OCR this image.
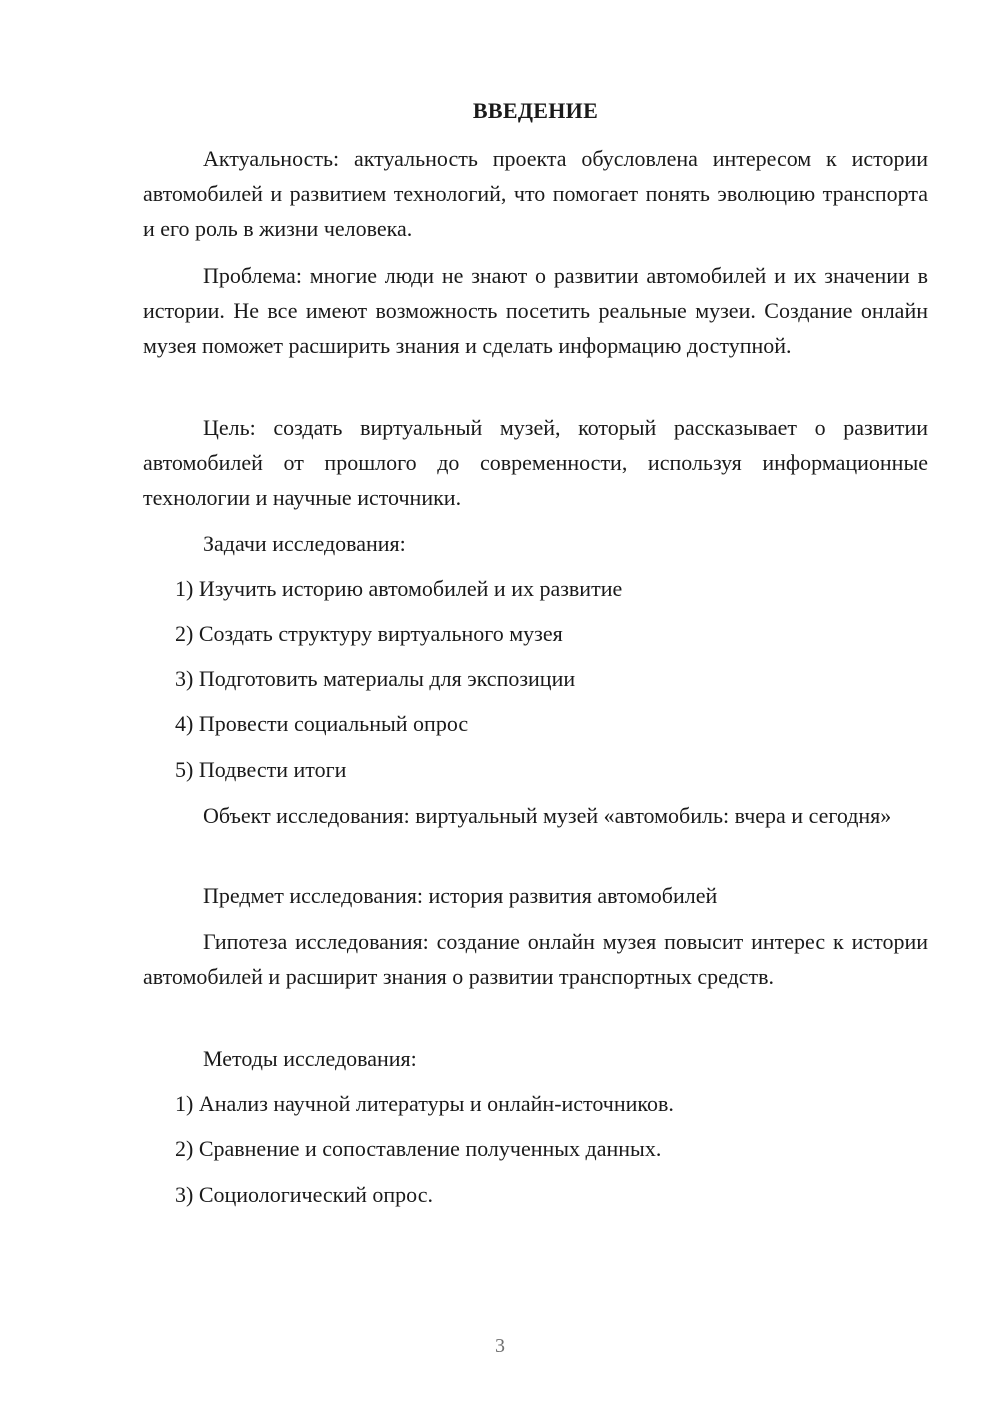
ВВЕДЕНИЕ

Актуальность: актуальность проекта обусловлена интересом к истории автомобилей и развитием технологий, что помогает понять эволюцию транспорта и его роль в жизни человека.

Проблема: многие люди не знают о развитии автомобилей и их значении в истории. Не все имеют возможность посетить реальные музеи. Создание онлайн музея поможет расширить знания и сделать информацию доступной.

Цель: создать виртуальный музей, который рассказывает о развитии автомобилей от прошлого до современности, используя информационные технологии и научные источники.

Задачи исследования:

1) Изучить историю автомобилей и их развитие

2) Создать структуру виртуального музея

3) Подготовить материалы для экспозиции

4) Провести социальный опрос

5) Подвести итоги

Объект исследования: виртуальный музей «автомобиль: вчера и сегодня»

Предмет исследования: история развития автомобилей

Гипотеза исследования: создание онлайн музея повысит интерес к истории автомобилей и расширит знания о развитии транспортных средств.

Методы исследования:

1) Анализ научной литературы и онлайн-источников.

2) Сравнение и сопоставление полученных данных.

3) Социологический опрос.

3
